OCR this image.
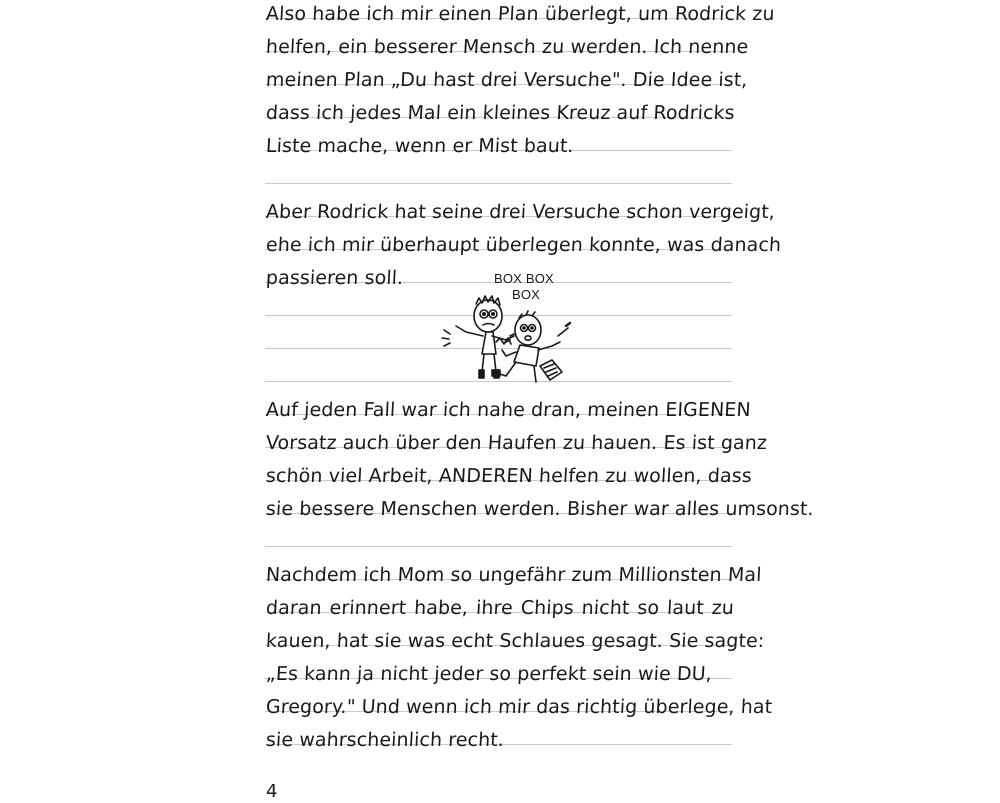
Also habe ich mir einen Plan überlegt, um Rodrick zu
helfen, ein besserer Mensch zu werden. Ich nenne
meinen Plan „Du hast drei Versuche". Die Idee ist,
dass ich jedes Mal ein kleines Kreuz auf Rodricks
Liste mache, wenn er Mist baut.
Aber Rodrick hat seine drei Versuche schon vergeigt,
ehe ich mir überhaupt überlegen konnte, was danach
passieren soll.	BOX BOX
BOX
Auf jeden Fall war ich nahe dran, meinen EIGENEN
Vorsatz auch über den Haufen zu hauen. Es ist ganz
schön viel Arbeit, ANDEREN helfen zu wollen, dass
sie bessere Menschen werden. Bisher war alles umsonst.
Nachdem ich Mom so ungefähr zum Millionsten Mal
daran erinnert habe, ihre Chips nicht so laut zu
kauen, hat sie was echt Schlaues gesagt. Sie sagte:
„Es kann ja nicht jeder so perfekt sein wie DU,
Gregory." Und wenn ich mir das richtig überlege, hat
sie wahrscheinlich recht.
4
